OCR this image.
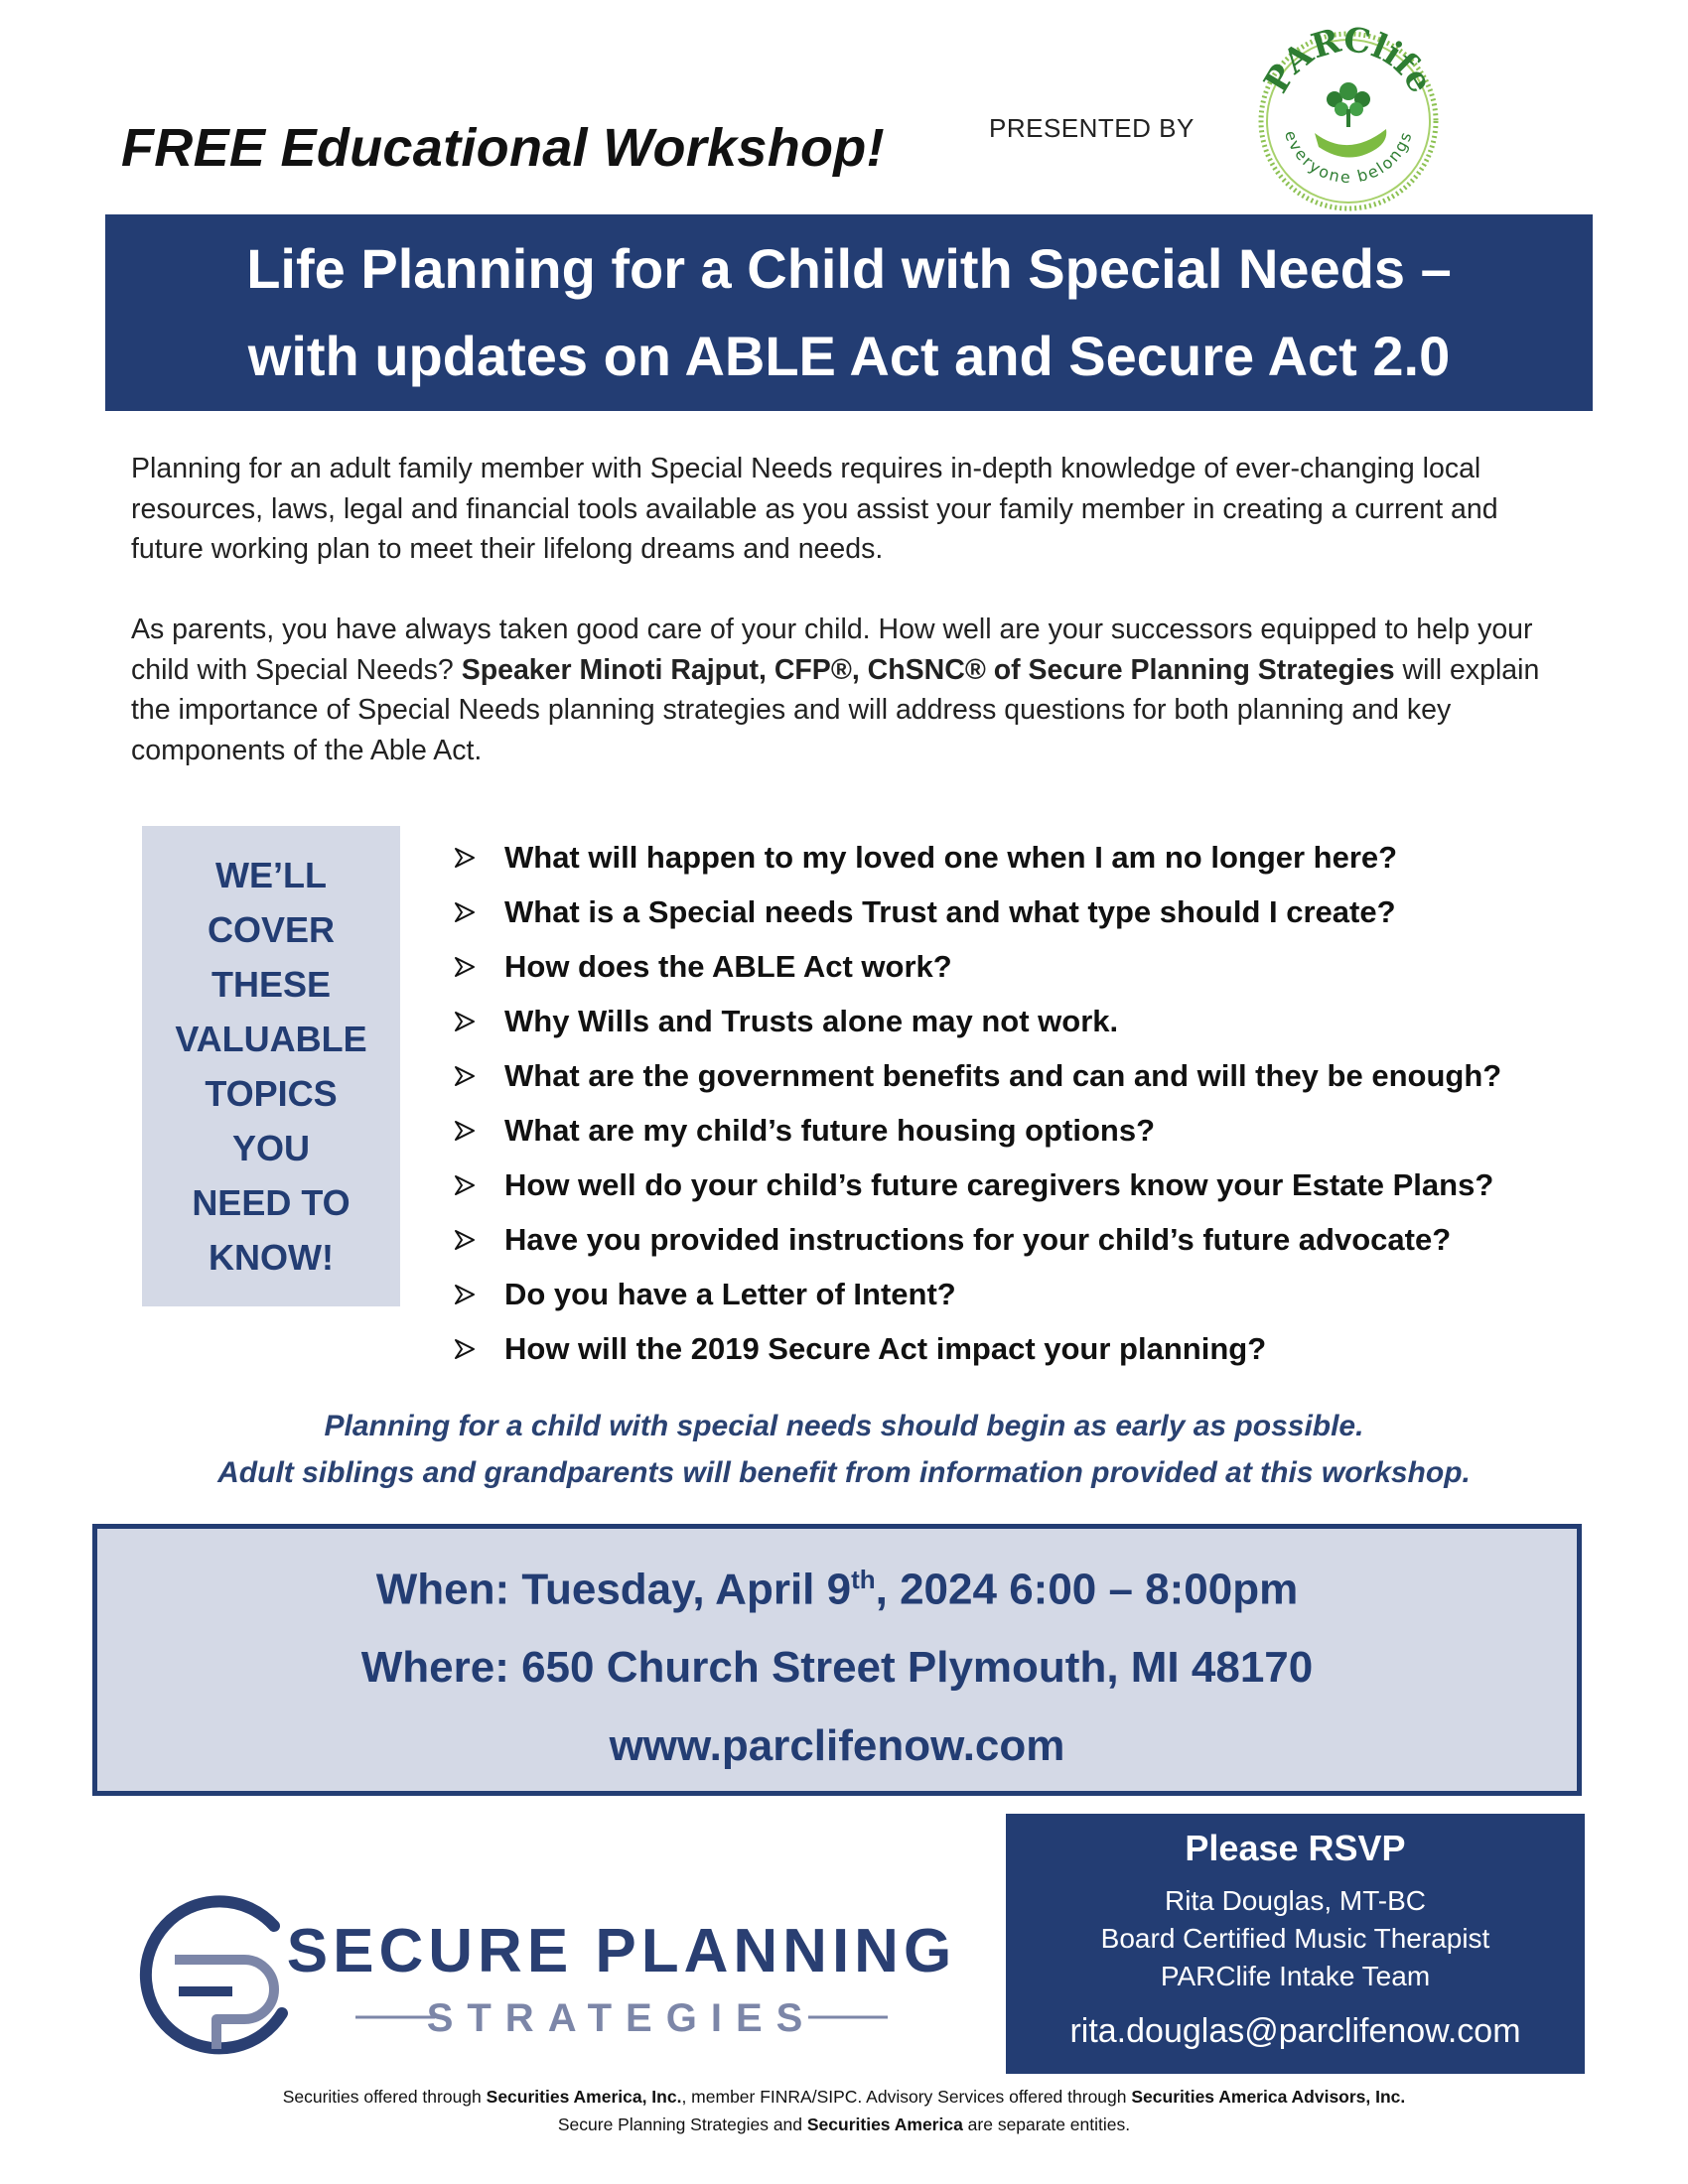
FREE Educational Workshop!	PRESENTED BY
PARClife
everyone belongs
Life Planning for a Child with Special Needs –
with updates on ABLE Act and Secure Act 2.0
Planning for an adult family member with Special Needs requires in-depth knowledge of ever-changing local resources, laws, legal and financial tools available as you assist your family member in creating a current and future working plan to meet their lifelong dreams and needs.
As parents, you have always taken good care of your child. How well are your successors equipped to help your child with Special Needs? Speaker Minoti Rajput, CFP®, ChSNC® of Secure Planning Strategies will explain the importance of Special Needs planning strategies and will address questions for both planning and key components of the Able Act.
WE’LL
COVER
THESE
VALUABLE
TOPICS
YOU
NEED TO
KNOW!
What will happen to my loved one when I am no longer here?
What is a Special needs Trust and what type should I create?
How does the ABLE Act work?
Why Wills and Trusts alone may not work.
What are the government benefits and can and will they be enough?
What are my child’s future housing options?
How well do your child’s future caregivers know your Estate Plans?
Have you provided instructions for your child’s future advocate?
Do you have a Letter of Intent?
How will the 2019 Secure Act impact your planning?
Planning for a child with special needs should begin as early as possible.
Adult siblings and grandparents will benefit from information provided at this workshop.
When: Tuesday, April 9th, 2024 6:00 – 8:00pm
Where: 650 Church Street Plymouth, MI 48170
www.parclifenow.com
SECURE PLANNING
STRATEGIES
Please RSVP
Rita Douglas, MT-BC
Board Certified Music Therapist
PARClife Intake Team
rita.douglas@parclifenow.com
Securities offered through Securities America, Inc., member FINRA/SIPC. Advisory Services offered through Securities America Advisors, Inc.
Secure Planning Strategies and Securities America are separate entities.
